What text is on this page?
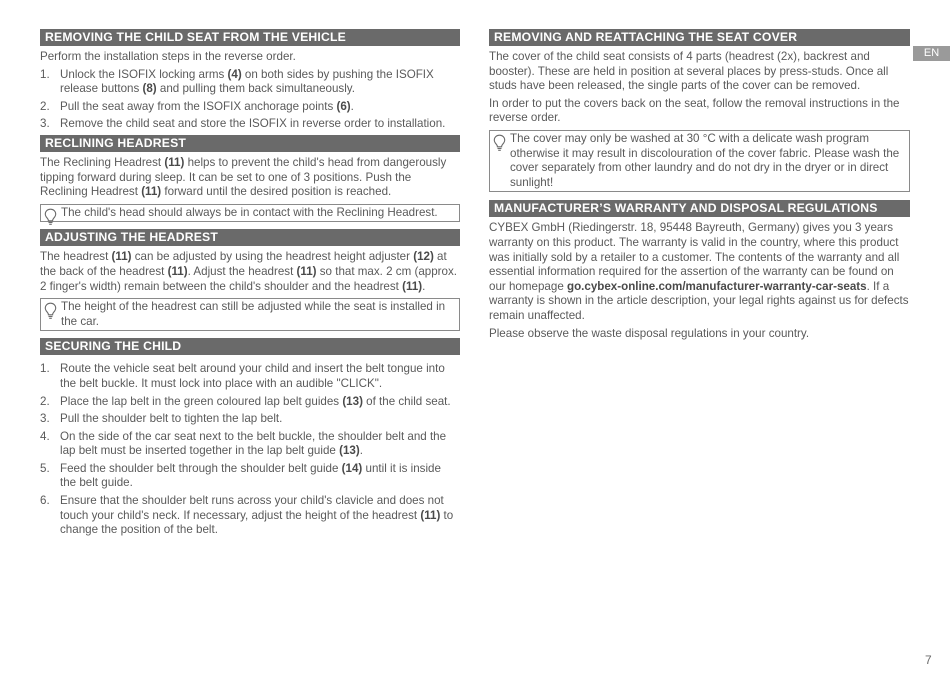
REMOVING THE CHILD SEAT FROM THE VEHICLE

Perform the installation steps in the reverse order.

1. Unlock the ISOFIX locking arms (4) on both sides by pushing the ISOFIX release buttons (8) and pulling them back simultaneously.
2. Pull the seat away from the ISOFIX anchorage points (6).
3. Remove the child seat and store the ISOFIX in reverse order to installation.
RECLINING HEADREST

The Reclining Headrest (11) helps to prevent the child's head from dangerously tipping forward during sleep. It can be set to one of 3 positions. Push the Reclining Headrest (11) forward until the desired position is reached.

The child's head should always be in contact with the Reclining Headrest.
ADJUSTING THE HEADREST

The headrest (11) can be adjusted by using the headrest height adjuster (12) at the back of the headrest (11). Adjust the headrest (11) so that max. 2 cm (approx. 2 finger's width) remain between the child's shoulder and the headrest (11).

The height of the headrest can still be adjusted while the seat is installed in the car.
SECURING THE CHILD
1. Route the vehicle seat belt around your child and insert the belt tongue into the belt buckle. It must lock into place with an audible "CLICK".
2. Place the lap belt in the green coloured lap belt guides (13) of the child seat.
3. Pull the shoulder belt to tighten the lap belt.
4. On the side of the car seat next to the belt buckle, the shoulder belt and the lap belt must be inserted together in the lap belt guide (13).
5. Feed the shoulder belt through the shoulder belt guide (14) until it is inside the belt guide.
6. Ensure that the shoulder belt runs across your child's clavicle and does not touch your child's neck. If necessary, adjust the height of the headrest (11) to change the position of the belt.
REMOVING AND REATTACHING THE SEAT COVER

The cover of the child seat consists of 4 parts (headrest (2x), backrest and booster). These are held in position at several places by press-studs. Once all studs have been released, the single parts of the cover can be removed.

In order to put the covers back on the seat, follow the removal instructions in the reverse order.

The cover may only be washed at 30 °C with a delicate wash program otherwise it may result in discolouration of the cover fabric. Please wash the cover separately from other laundry and do not dry in the dryer or in direct sunlight!
MANUFACTURER’S WARRANTY AND DISPOSAL REGULATIONS

CYBEX GmbH (Riedingerstr. 18, 95448 Bayreuth, Germany) gives you 3 years warranty on this product. The warranty is valid in the country, where this product was initially sold by a retailer to a customer. The contents of the warranty and all essential information required for the assertion of the warranty can be found on our homepage go.cybex-online.com/manufacturer-warranty-car-seats. If a warranty is shown in the article description, your legal rights against us for defects remain unaffected.

Please observe the waste disposal regulations in your country.

EN
7
